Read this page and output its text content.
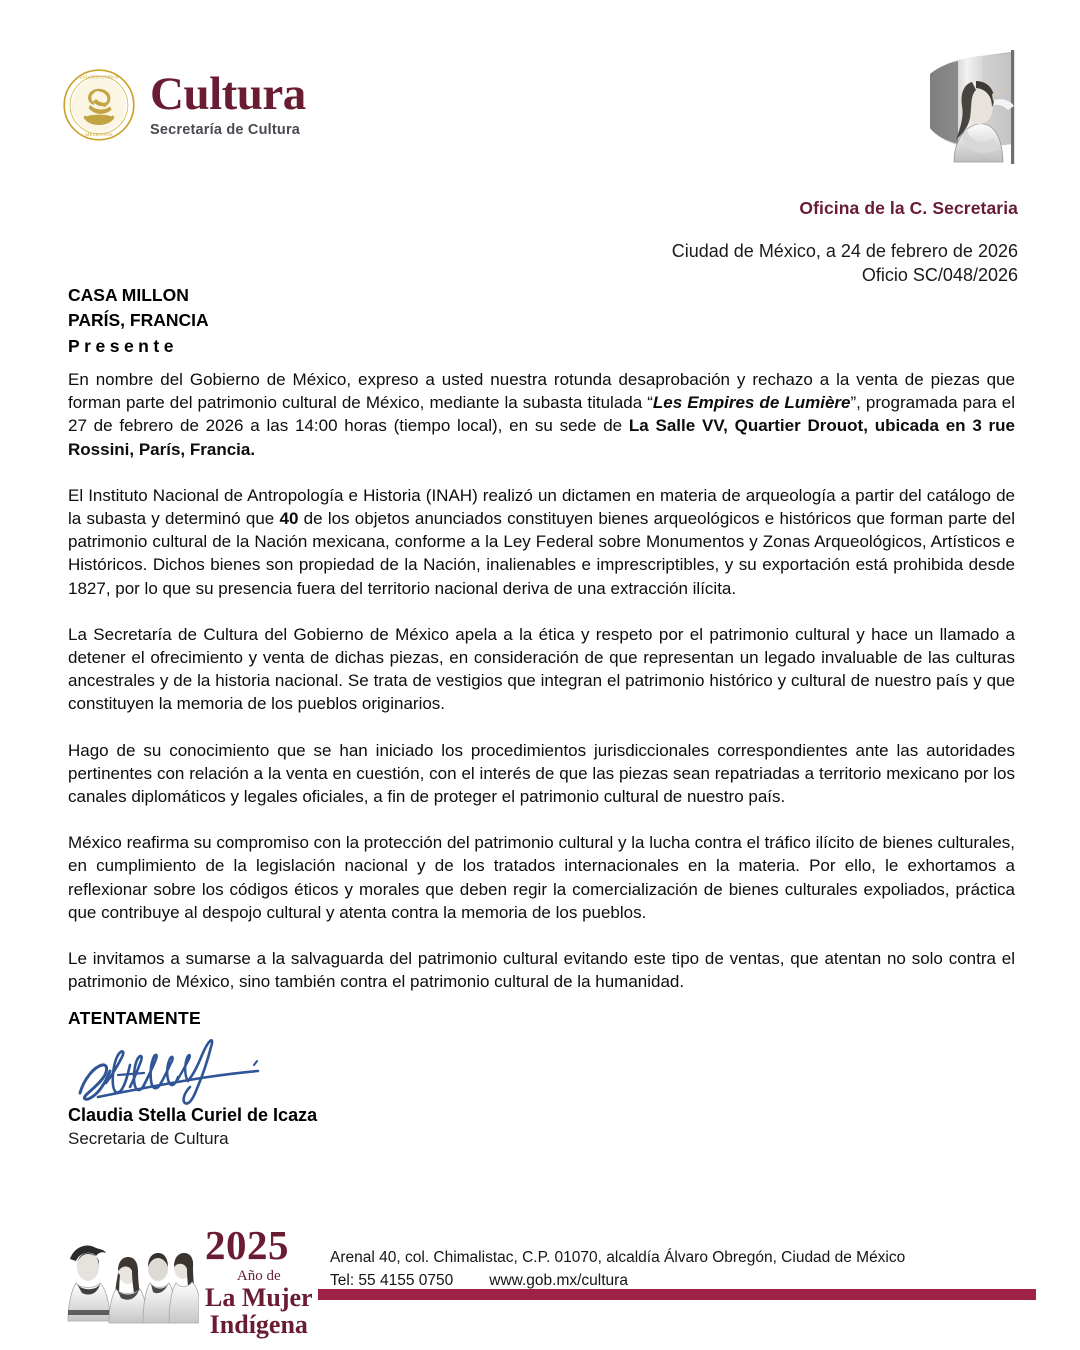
ESTADOS UNIDOS
MEXICANOS
Cultura
Secretaría de Cultura
Oficina de la C. Secretaria
Ciudad de México, a 24 de febrero de 2026
Oficio SC/048/2026
CASA MILLON
PARÍS, FRANCIA
Presente

En nombre del Gobierno de México, expreso a usted nuestra rotunda desaprobación y rechazo a la venta de piezas que forman parte del patrimonio cultural de México, mediante la subasta titulada “Les Empires de Lumière”, programada para el 27 de febrero de 2026 a las 14:00 horas (tiempo local), en su sede de La Salle VV, Quartier Drouot, ubicada en 3 rue Rossini, París, Francia.

El Instituto Nacional de Antropología e Historia (INAH) realizó un dictamen en materia de arqueología a partir del catálogo de la subasta y determinó que 40 de los objetos anunciados constituyen bienes arqueológicos e históricos que forman parte del patrimonio cultural de la Nación mexicana, conforme a la Ley Federal sobre Monumentos y Zonas Arqueológicos, Artísticos e Históricos. Dichos bienes son propiedad de la Nación, inalienables e imprescriptibles, y su exportación está prohibida desde 1827, por lo que su presencia fuera del territorio nacional deriva de una extracción ilícita.

La Secretaría de Cultura del Gobierno de México apela a la ética y respeto por el patrimonio cultural y hace un llamado a detener el ofrecimiento y venta de dichas piezas, en consideración de que representan un legado invaluable de las culturas ancestrales y de la historia nacional. Se trata de vestigios que integran el patrimonio histórico y cultural de nuestro país y que constituyen la memoria de los pueblos originarios.

Hago de su conocimiento que se han iniciado los procedimientos jurisdiccionales correspondientes ante las autoridades pertinentes con relación a la venta en cuestión, con el interés de que las piezas sean repatriadas a territorio mexicano por los canales diplomáticos y legales oficiales, a fin de proteger el patrimonio cultural de nuestro país.

México reafirma su compromiso con la protección del patrimonio cultural y la lucha contra el tráfico ilícito de bienes culturales, en cumplimiento de la legislación nacional y de los tratados internacionales en la materia. Por ello, le exhortamos a reflexionar sobre los códigos éticos y morales que deben regir la comercialización de bienes culturales expoliados, práctica que contribuye al despojo cultural y atenta contra la memoria de los pueblos.

Le invitamos a sumarse a la salvaguarda del patrimonio cultural evitando este tipo de ventas, que atentan no solo contra el patrimonio de México, sino también contra el patrimonio cultural de la humanidad.

ATENTAMENTE
Claudia Stella Curiel de Icaza
Secretaria de Cultura
2025
Año de
La Mujer
Indígena
Arenal 40, col. Chimalistac, C.P. 01070, alcaldía Álvaro Obregón, Ciudad de México
Tel: 55 4155 0750 www.gob.mx/cultura
